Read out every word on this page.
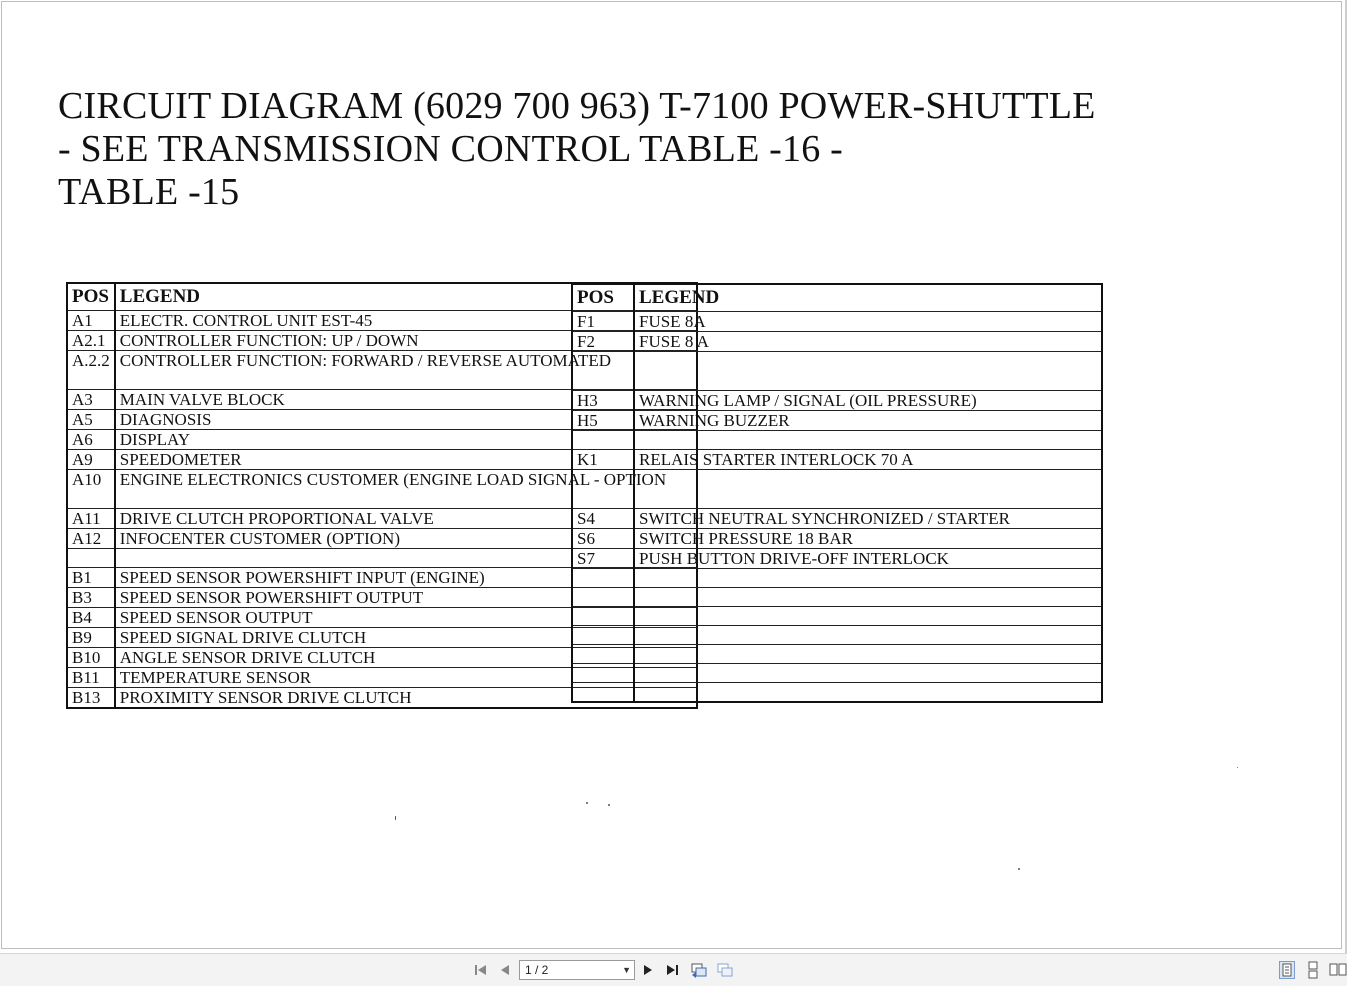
CIRCUIT DIAGRAM (6029 700 963) T-7100 POWER-SHUTTLE
- SEE TRANSMISSION CONTROL TABLE -16 -
TABLE -15
POS	LEGEND
A1	ELECTR. CONTROL UNIT EST-45
A2.1	CONTROLLER FUNCTION: UP / DOWN
A.2.2	CONTROLLER FUNCTION: FORWARD / REVERSE AUTOMATED
A3	MAIN VALVE BLOCK
A5	DIAGNOSIS
A6	DISPLAY
A9	SPEEDOMETER
A10	ENGINE ELECTRONICS CUSTOMER (ENGINE LOAD SIGNAL - OPTION
A11	DRIVE CLUTCH PROPORTIONAL VALVE
A12	INFOCENTER CUSTOMER (OPTION)

B1	SPEED SENSOR POWERSHIFT INPUT (ENGINE)
B3	SPEED SENSOR POWERSHIFT OUTPUT
B4	SPEED SENSOR OUTPUT
B9	SPEED SIGNAL DRIVE CLUTCH
B10	ANGLE SENSOR DRIVE CLUTCH
B11	TEMPERATURE SENSOR
B13	PROXIMITY SENSOR DRIVE CLUTCH
POS	LEGEND
F1	FUSE 8A
F2	FUSE 8 A

H3	WARNING LAMP / SIGNAL (OIL PRESSURE)
H5	WARNING BUZZER

K1	RELAIS STARTER INTERLOCK 70 A

S4	SWITCH NEUTRAL SYNCHRONIZED / STARTER
S6	SWITCH PRESSURE 18 BAR
S7	PUSH BUTTON DRIVE-OFF INTERLOCK

1 / 2	▼
